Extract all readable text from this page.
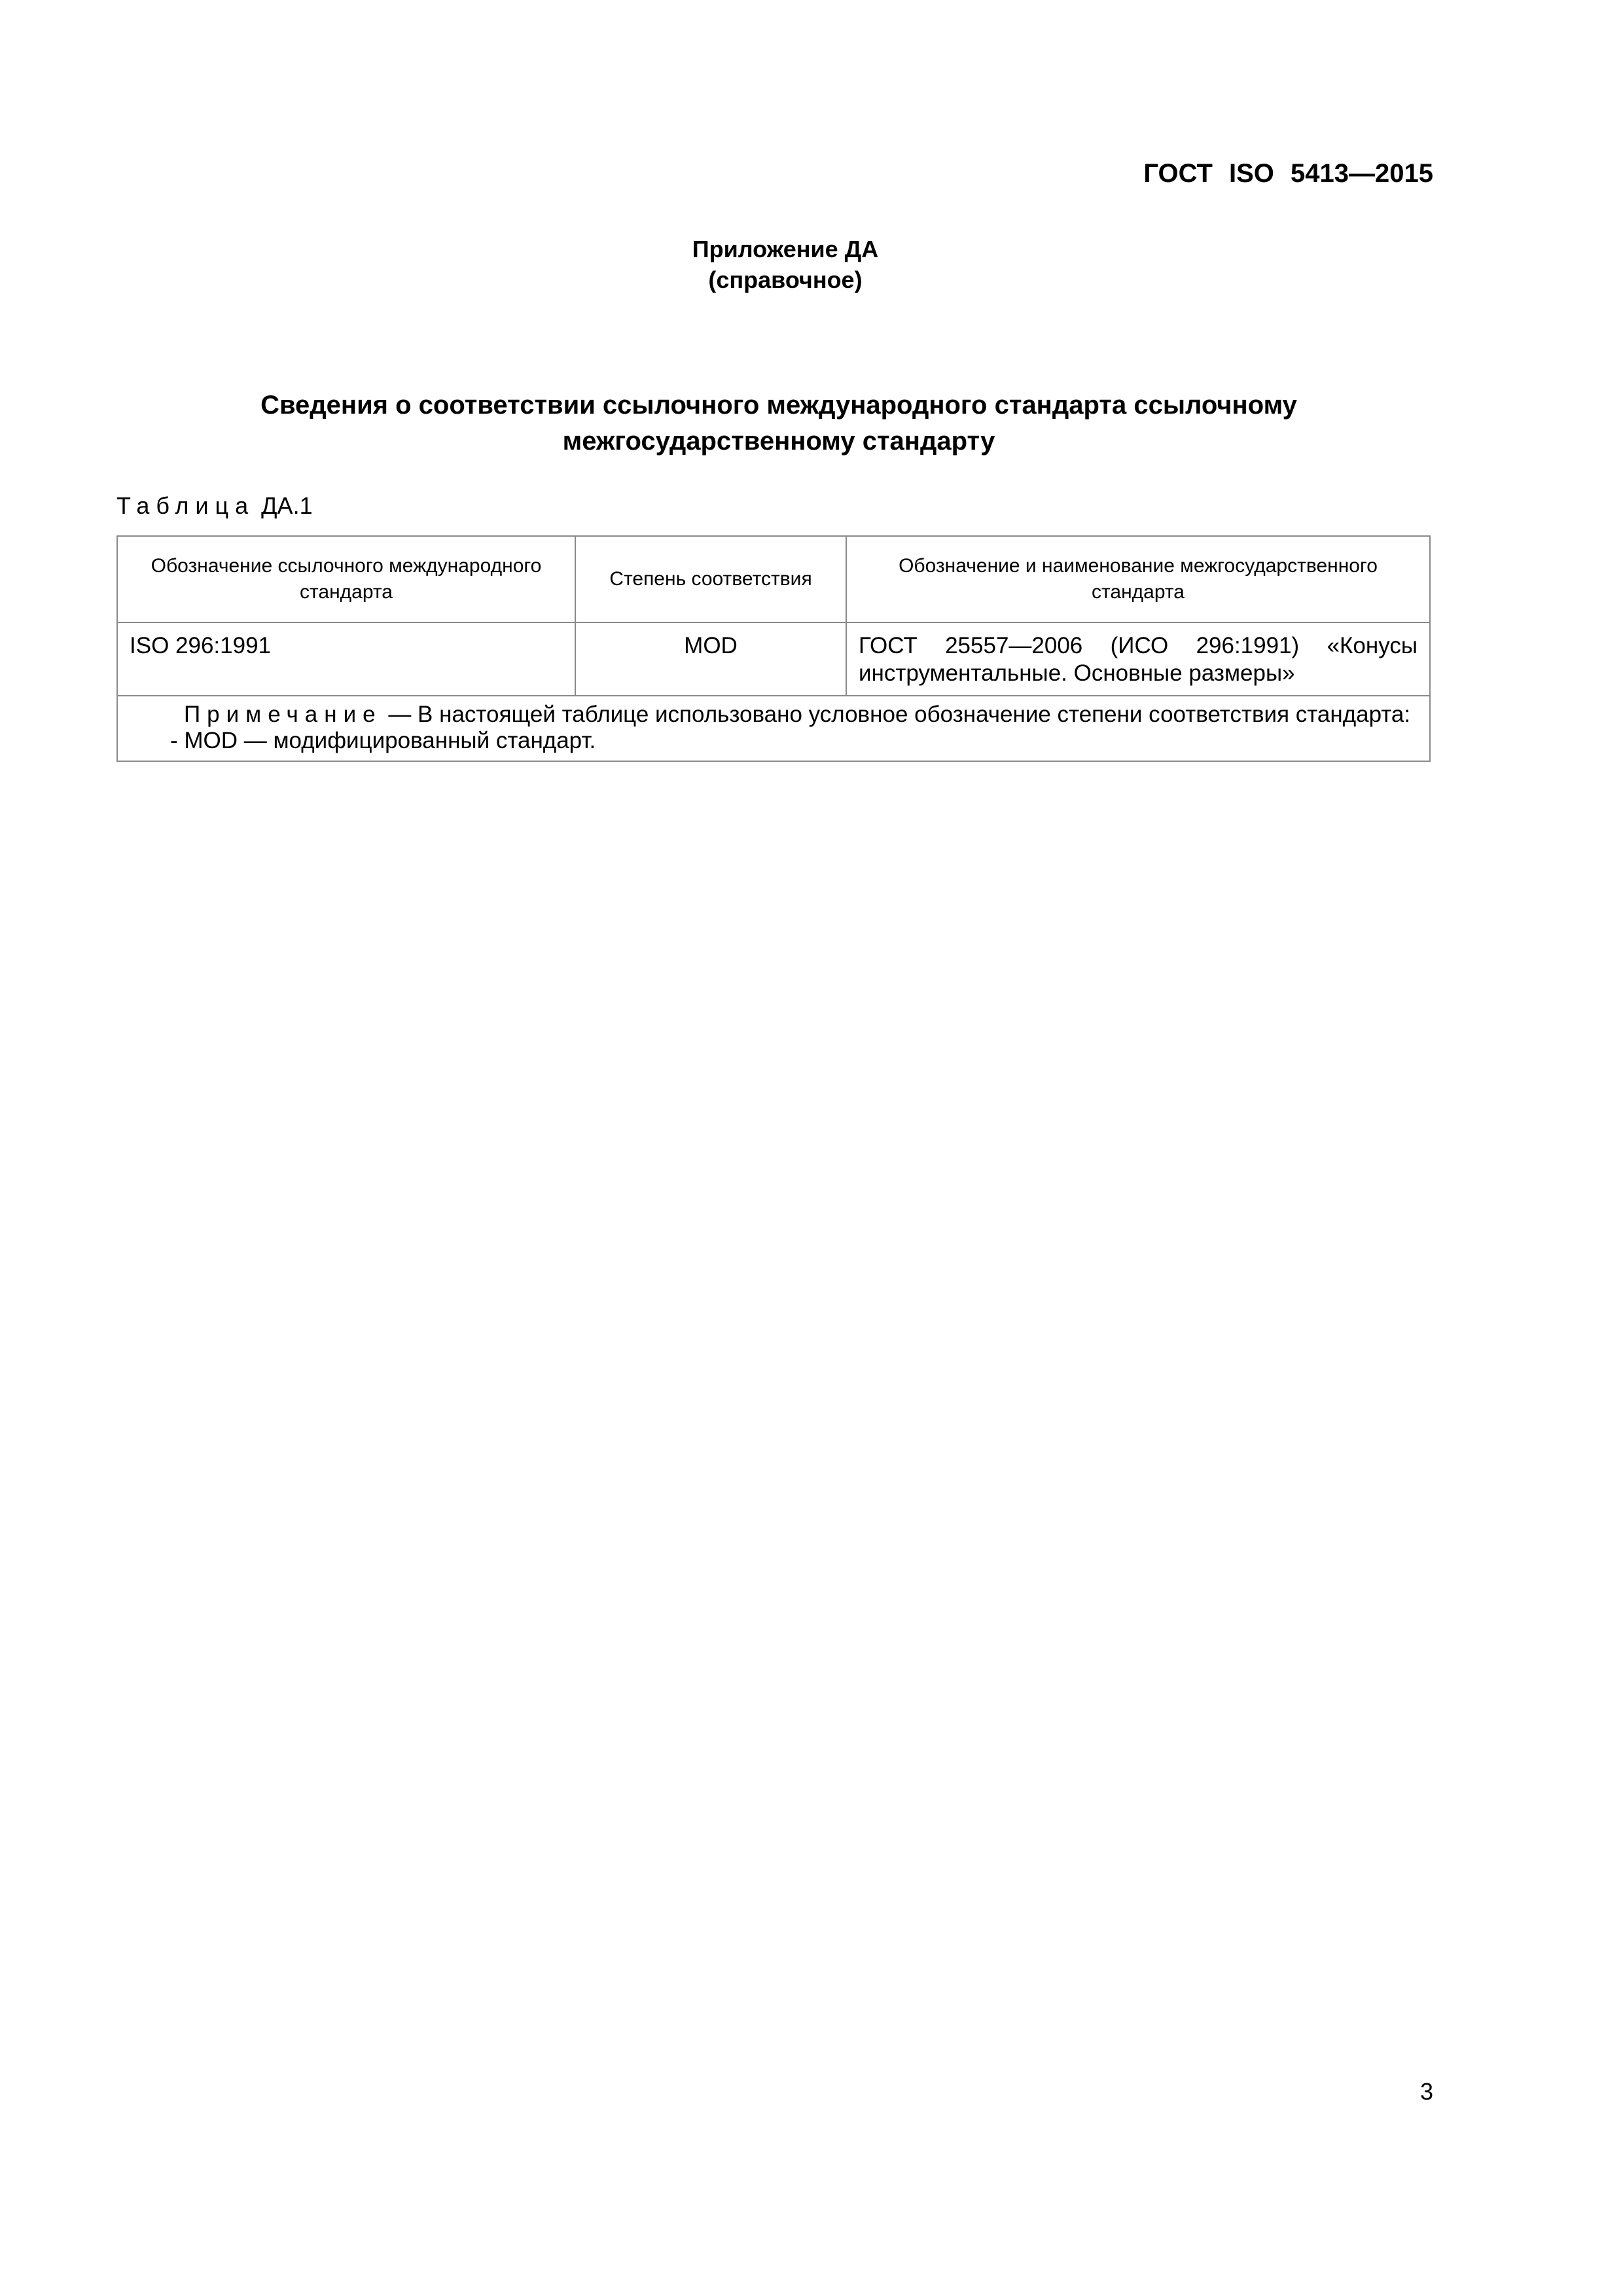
ГОСТ ISO 5413—2015
Приложение ДА
(справочное)
Сведения о соответствии ссылочного международного стандарта ссылочному
межгосударственному стандарту
Таблица ДА.1
Обозначение ссылочного международного стандарта	Степень соответствия	Обозначение и наименование межгосударственного стандарта
ISO 296:1991	MOD	ГОСТ 25557—2006 (ИСО 296:1991) «Конусы инструментальные. Основные размеры»

Примечание — В настоящей таблице использовано условное обозначение степени соответствия стандарта:
- MOD — модифицированный стандарт.		
3
